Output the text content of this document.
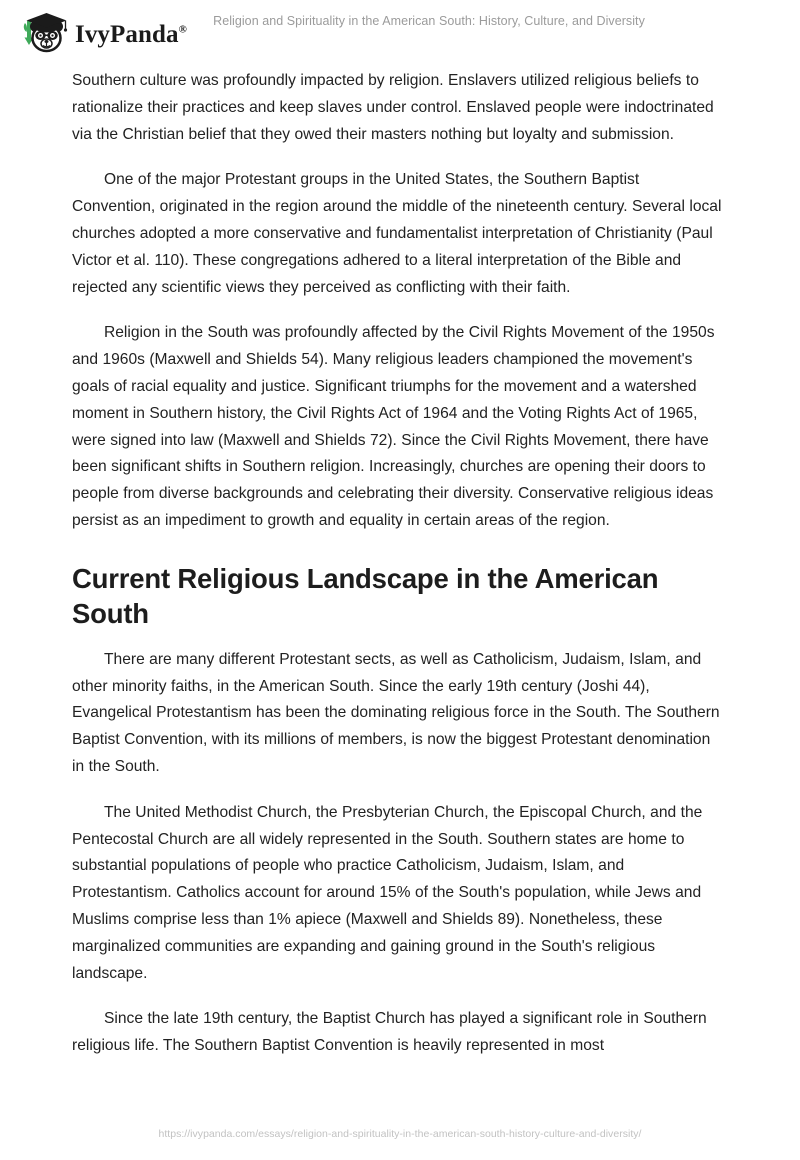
IvyPanda®
Religion and Spirituality in the American South: History, Culture, and Diversity

Southern culture was profoundly impacted by religion. Enslavers utilized religious beliefs to rationalize their practices and keep slaves under control. Enslaved people were indoctrinated via the Christian belief that they owed their masters nothing but loyalty and submission.

One of the major Protestant groups in the United States, the Southern Baptist Convention, originated in the region around the middle of the nineteenth century. Several local churches adopted a more conservative and fundamentalist interpretation of Christianity (Paul Victor et al. 110). These congregations adhered to a literal interpretation of the Bible and rejected any scientific views they perceived as conflicting with their faith.

Religion in the South was profoundly affected by the Civil Rights Movement of the 1950s and 1960s (Maxwell and Shields 54). Many religious leaders championed the movement's goals of racial equality and justice. Significant triumphs for the movement and a watershed moment in Southern history, the Civil Rights Act of 1964 and the Voting Rights Act of 1965, were signed into law (Maxwell and Shields 72). Since the Civil Rights Movement, there have been significant shifts in Southern religion. Increasingly, churches are opening their doors to people from diverse backgrounds and celebrating their diversity. Conservative religious ideas persist as an impediment to growth and equality in certain areas of the region.

Current Religious Landscape in the American South

There are many different Protestant sects, as well as Catholicism, Judaism, Islam, and other minority faiths, in the American South. Since the early 19th century (Joshi 44), Evangelical Protestantism has been the dominating religious force in the South. The Southern Baptist Convention, with its millions of members, is now the biggest Protestant denomination in the South.

The United Methodist Church, the Presbyterian Church, the Episcopal Church, and the Pentecostal Church are all widely represented in the South. Southern states are home to substantial populations of people who practice Catholicism, Judaism, Islam, and Protestantism. Catholics account for around 15% of the South's population, while Jews and Muslims comprise less than 1% apiece (Maxwell and Shields 89). Nonetheless, these marginalized communities are expanding and gaining ground in the South's religious landscape.

Since the late 19th century, the Baptist Church has played a significant role in Southern religious life. The Southern Baptist Convention is heavily represented in most

https://ivypanda.com/essays/religion-and-spirituality-in-the-american-south-history-culture-and-diversity/
